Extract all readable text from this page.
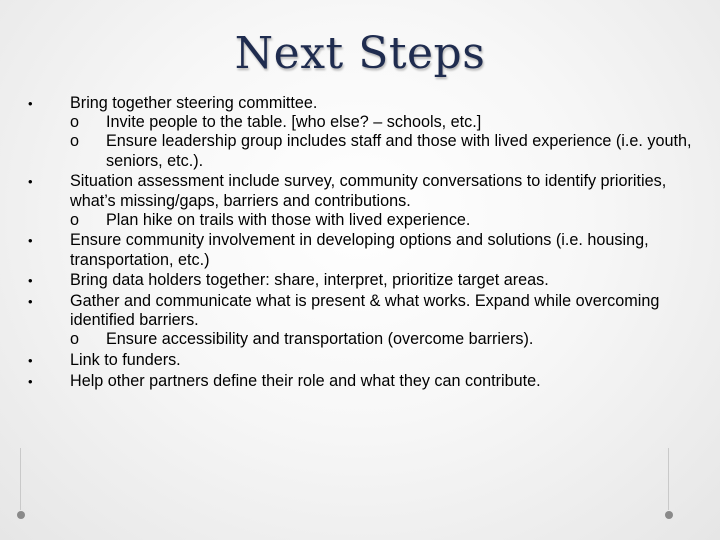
Next Steps
• Bring together steering committee.
o	Invite people to the table. [who else? – schools, etc.]
o	Ensure leadership group includes staff and those with lived experience (i.e. youth, seniors, etc.).
• Situation assessment include survey, community conversations to identify priorities, what’s missing/gaps, barriers and contributions.
o	Plan hike on trails with those with lived experience.
• Ensure community involvement in developing options and solutions (i.e. housing, transportation, etc.)
• Bring data holders together: share, interpret, prioritize target areas.
• Gather and communicate what is present & what works. Expand while overcoming identified barriers.
o	Ensure accessibility and transportation (overcome barriers).
• Link to funders.
• Help other partners define their role and what they can contribute.
